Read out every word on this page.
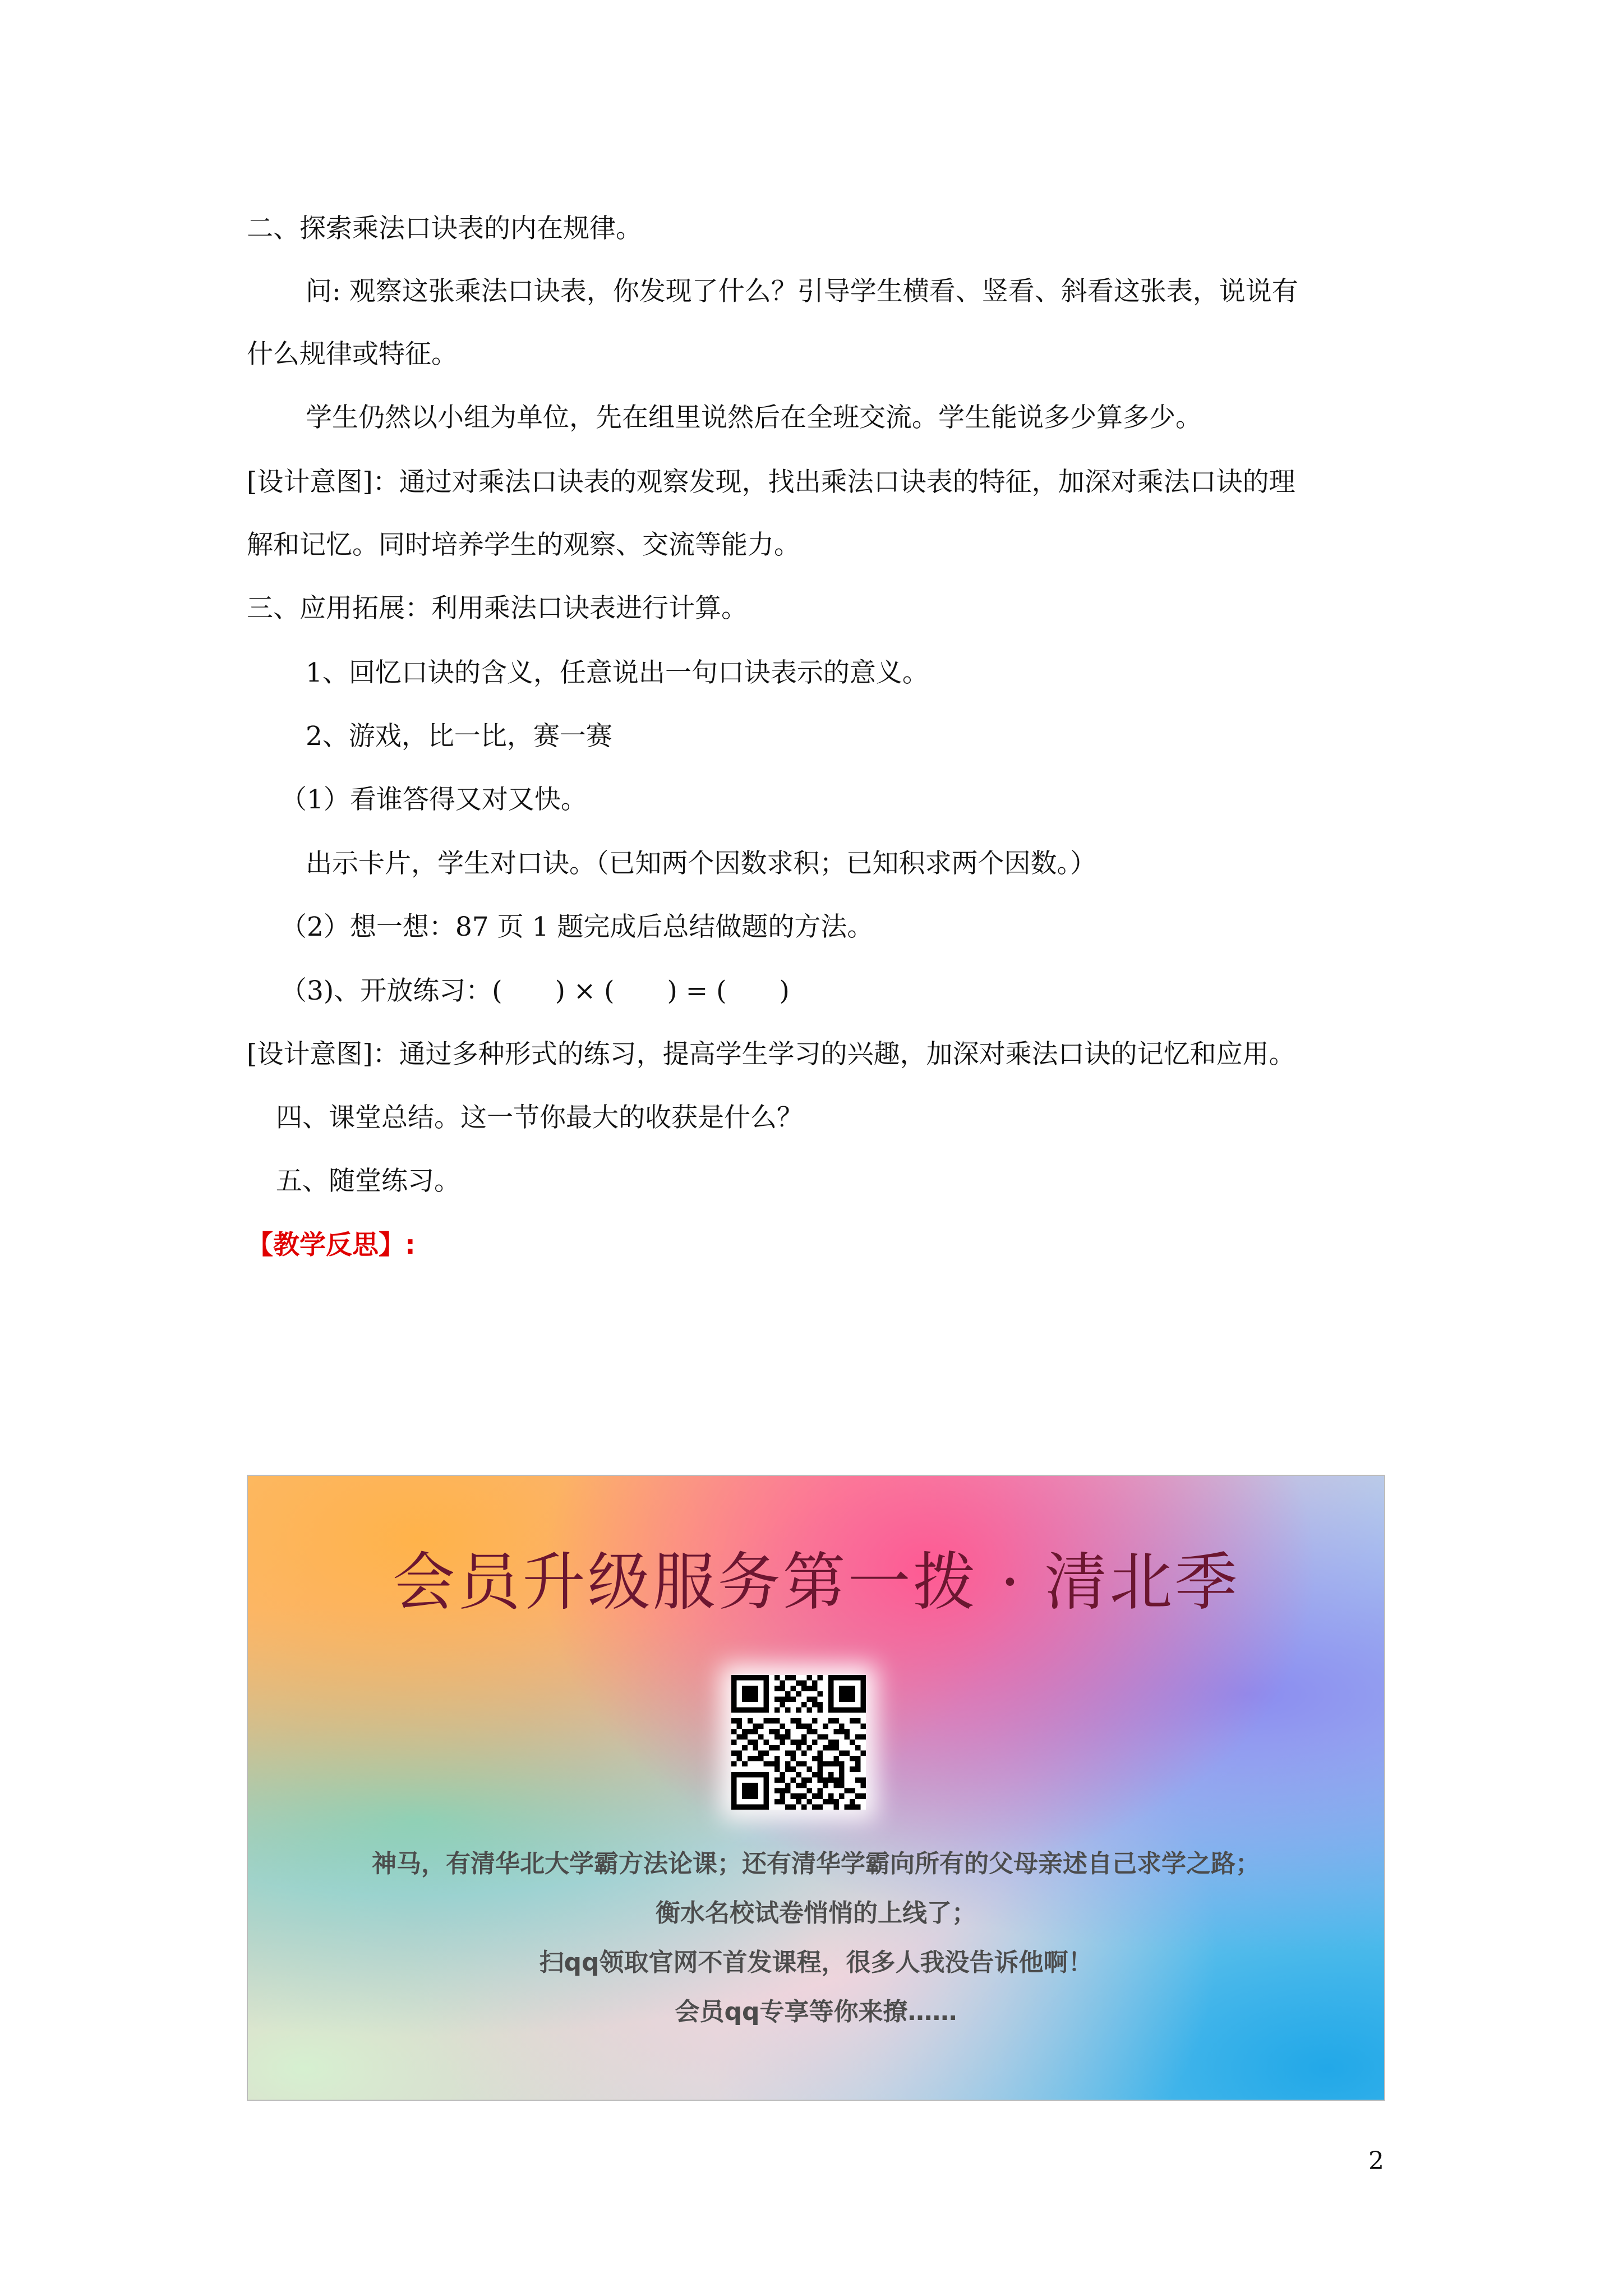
二、探索乘法口诀表的内在规律。
问: 观察这张乘法口诀表，你发现了什么？引导学生横看、竖看、斜看这张表，说说有
什么规律或特征。
学生仍然以小组为单位，先在组里说然后在全班交流。学生能说多少算多少。
[设计意图]：通过对乘法口诀表的观察发现，找出乘法口诀表的特征，加深对乘法口诀的理
解和记忆。同时培养学生的观察、交流等能力。
三、应用拓展：利用乘法口诀表进行计算。
1、回忆口诀的含义，任意说出一句口诀表示的意义。
2、游戏，比一比，赛一赛
（1）看谁答得又对又快。
出示卡片，学生对口诀。（已知两个因数求积；已知积求两个因数。）
（2）想一想：87 页 1 题完成后总结做题的方法。
（3)、开放练习：(　　) × (　　) = (　　)
[设计意图]：通过多种形式的练习，提高学生学习的兴趣，加深对乘法口诀的记忆和应用。
四、课堂总结。这一节你最大的收获是什么？
五、随堂练习。
【教学反思】:
会员升级服务第一拨 · 清北季
神马，有清华北大学霸方法论课；还有清华学霸向所有的父母亲述自己求学之路；
衡水名校试卷悄悄的上线了；
扫qq领取官网不首发课程，很多人我没告诉他啊！
会员qq专享等你来撩……
2
